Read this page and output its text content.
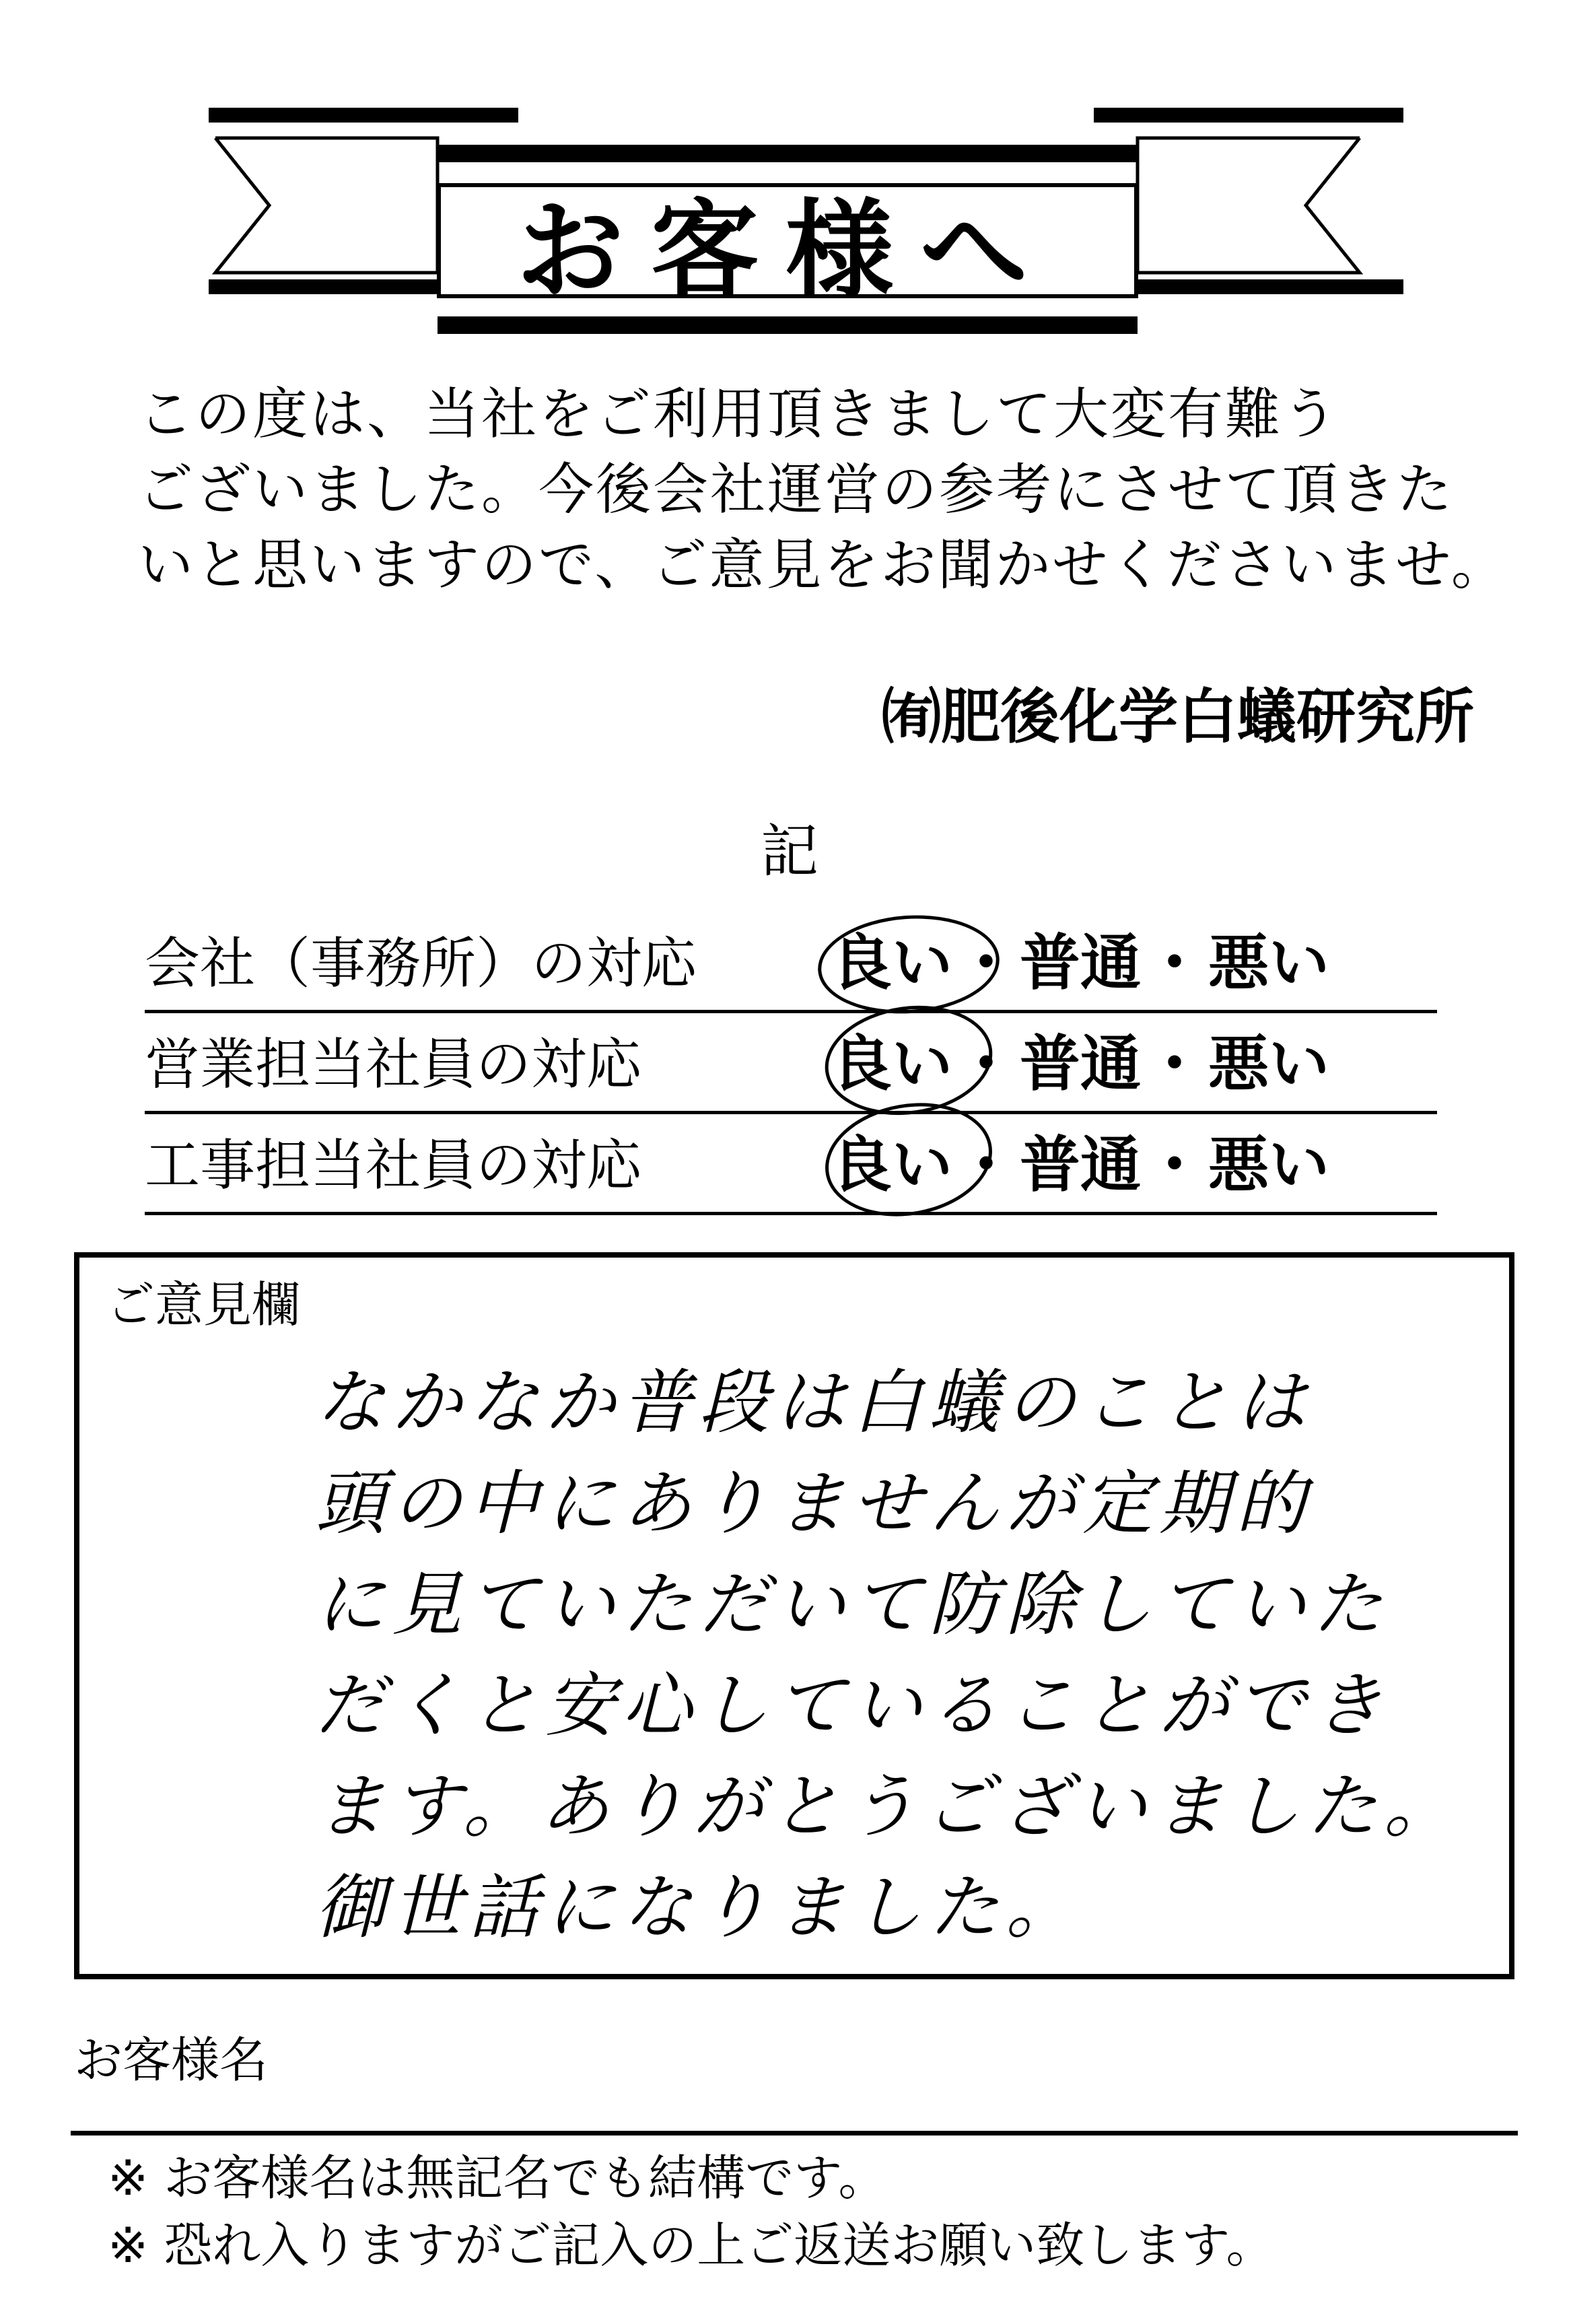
お客様へ
この度は、当社をご利用頂きまして大変有難う
ございました。今後会社運営の参考にさせて頂きた
いと思いますので、ご意見をお聞かせくださいませ。
㈲肥後化学白蟻研究所
記
会社（事務所）の対応 良い・普通・悪い
営業担当社員の対応	良い・普通・悪い
工事担当社員の対応	良い・普通・悪い
ご意見欄
なかなか普段は白蟻のことは
頭の中にありませんが定期的
に見ていただいて防除していた
だくと安心していることができ
ます。ありがとうございました。
御世話になりました。
お客様名
※ お客様名は無記名でも結構です。
※ 恐れ入りますがご記入の上ご返送お願い致します。
